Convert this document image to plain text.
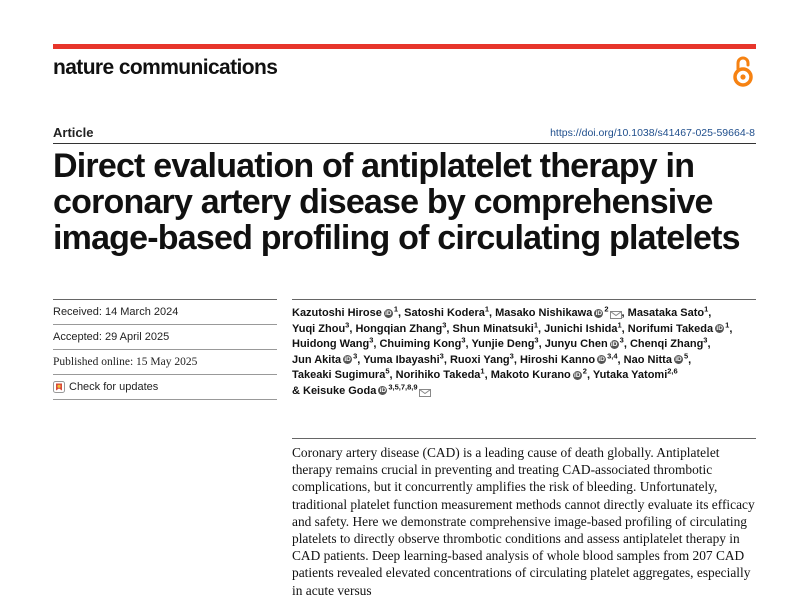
nature communications
Article	https://doi.org/10.1038/s41467-025-59664-8
Direct evaluation of antiplatelet therapy in coronary artery disease by comprehensive image-based profiling of circulating platelets
Received: 14 March 2024
Accepted: 29 April 2025
Published online: 15 May 2025
Check for updates
Kazutoshi Hirose iD $^1$, Satoshi Kodera$^1$, Masako Nishikawa iD $^2$ , Masataka Sato$^1$, Yuqi Zhou$^3$, Hongqian Zhang$^3$, Shun Minatsuki$^1$, Junichi Ishida$^1$, Norifumi Takeda iD $^1$, Huidong Wang$^3$, Chuiming Kong$^3$, Yunjie Deng$^3$, Junyu Chen iD $^3$, Chenqi Zhang$^3$, Jun Akita iD $^3$, Yuma Ibayashi$^3$, Ruoxi Yang$^3$, Hiroshi Kanno iD $^{3,4}$, Nao Nitta iD $^5$, Takeaki Sugimura$^5$, Norihiko Takeda$^1$, Makoto Kurano iD $^2$, Yutaka Yatomi$^{2,6}$ & Keisuke Goda iD $^{3,5,7,8,9}$

Coronary artery disease (CAD) is a leading cause of death globally. Antiplatelet therapy remains crucial in preventing and treating CAD-associated thrombotic complications, but it concurrently amplifies the risk of bleeding. Unfortunately, traditional platelet function measurement methods cannot directly evaluate its efficacy and safety. Here we demonstrate comprehensive image-based profiling of circulating platelets to directly observe thrombotic conditions and assess antiplatelet therapy in CAD patients. Deep learning-based analysis of whole blood samples from 207 CAD patients revealed elevated concentrations of circulating platelet aggregates, especially in acute versus
